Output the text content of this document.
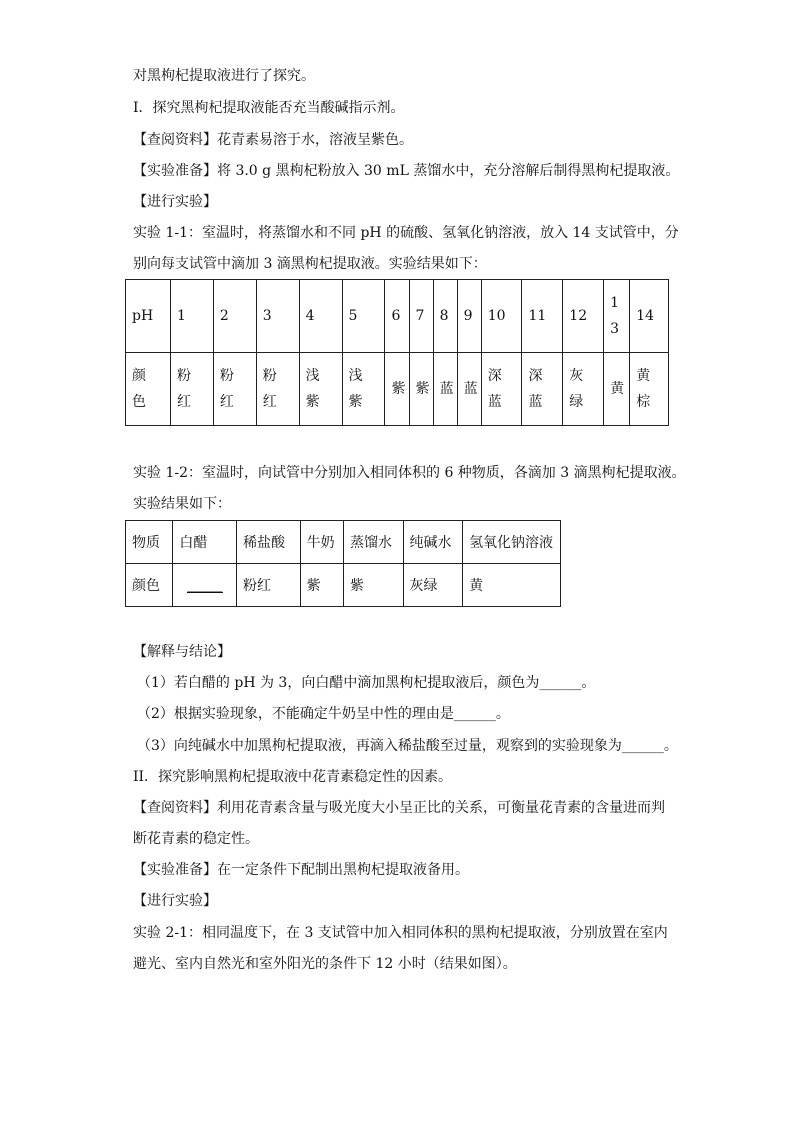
对黑枸杞提取液进行了探究。
I．探究黑枸杞提取液能否充当酸碱指示剂。
【查阅资料】花青素易溶于水，溶液呈紫色。
【实验准备】将 3.0 g 黑枸杞粉放入 30 mL 蒸馏水中，充分溶解后制得黑枸杞提取液。
【进行实验】
实验 1-1：室温时，将蒸馏水和不同 pH 的硫酸、氢氧化钠溶液，放入 14 支试管中，分
别向每支试管中滴加 3 滴黑枸杞提取液。实验结果如下：
pH	1	2	3	4	5	6	7	8	9	10	11	12	13	14
颜色	粉红	粉红	粉红	浅紫	浅紫	紫	紫	蓝	蓝	深蓝	深蓝	灰绿	黄	黄棕
实验 1-2：室温时，向试管中分别加入相同体积的 6 种物质，各滴加 3 滴黑枸杞提取液。
实验结果如下：
物质	白醋	稀盐酸	牛奶	蒸馏水	纯碱水	氢氧化钠溶液
颜色	_____	粉红	紫	紫	灰绿	黄
【解释与结论】
（1）若白醋的 pH 为 3，向白醋中滴加黑枸杞提取液后，颜色为______。
（2）根据实验现象，不能确定牛奶呈中性的理由是______。
（3）向纯碱水中加黑枸杞提取液，再滴入稀盐酸至过量，观察到的实验现象为______。
II．探究影响黑枸杞提取液中花青素稳定性的因素。
【查阅资料】利用花青素含量与吸光度大小呈正比的关系，可衡量花青素的含量进而判
断花青素的稳定性。
【实验准备】在一定条件下配制出黑枸杞提取液备用。
【进行实验】
实验 2-1：相同温度下，在 3 支试管中加入相同体积的黑枸杞提取液，分别放置在室内
避光、室内自然光和室外阳光的条件下 12 小时（结果如图）。
